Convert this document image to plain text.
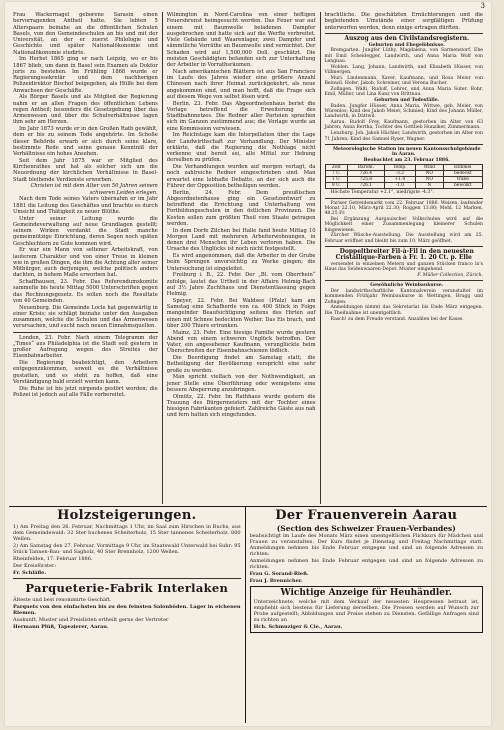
3

Frau Wackernagel geborene Sarasin einen hervorragenden Antheil hatte. Sie lebten 5 Alterspaare beinahe an die öffentlichen Schulen Basels, von den Gemeindeschulen an bis und mit der Universität, an der er zuerst Philologie und Geschichte und später Nationalökonomie und Nationalökonomie studirte.

Im Herbst 1865 ging er nach Leipzig, wo er bis 1867 blieb, um dann in Basel sein Examen als Doktor juris zu bestehen. Im Frühling 1868 wurde er Regierungssekretär und dem nachherigen Polizeidirektor Bischof beigegeben, als Hülfe bei dem Anwachsen der Geschäfte.

Als Bürger Basels und als Mitglied der Regierung nahm er an allen Fragen des öffentlichen Lebens regen Antheil; besonders die Gesetzgebung über das Armenwesen und über die Schulverhältnisse lagen ihm sehr am Herzen.

Im Jahr 1873 wurde er in den Großen Rath gewählt, dem er bis zu seinem Tode angehörte. Im Schoße dieser Behörde erwarb er sich durch seine klare, bestimmte Rede und seine genaue Kenntniß der Verhältnisse ein hohes Ansehen.

Seit dem Jahr 1875 war er Mitglied des Kirchenrathes und hat als solcher sich um die Neuordnung der kirchlichen Verhältnisse in Basel-Stadt bleibende Verdienste erworben.

Christen ist mit dem Alter von 50 Jahren seinem schweren Leiden erlegen.

Nach dem Tode seines Vaters übernahm er im Jahr 1881 die Leitung des Geschäftes und brachte es durch Umsicht und Thätigkeit zu neuer Blüthe.

Unter seiner Leitung wurde die Gemeindeverwaltung auf neue Grundlagen gestellt; seinem Wirken verdankt die Stadt manche gemeinnützige Einrichtung, deren Segen noch späten Geschlechtern zu Gute kommen wird.

Er war ein Mann von seltener Arbeitskraft, von lauterem Charakter und von einer Treue in kleinen wie in großen Dingen, die ihm die Achtung aller seiner Mitbürger, auch derjenigen, welche politisch anders dachten, in hohem Maße erworben hat.

Schaffhausen, 23. Febr. Das Referendumskomite sammelte bis heute Mittag 5000 Unterschriften gegen das Rechnungsgesetz. Es sollen noch die Resultate von 40 Gemeinden.

Neuenburg. Die Gemeinde Locle hat gegenwärtig in einer Krisis; sie schlägt beinahe unter den Ausgaben zusammen, welche die Schulen und das Armenwesen verursachen, und sucht nach neuen Einnahmsquellen.

London, 23. Febr. Nach einem Telegramm der „Times“ aus Philadelphia ist die Stadt seit gestern in großer Aufregung wegen des Streites der Eisenbahnarbeiter.

Die Regierung beabsichtigt, den Arbeitern entgegenzukommen, soweit es die Verhältnisse gestatten, und es steht zu hoffen, daß eine Verständigung bald erzielt werden kann.

Die Ruhe ist bis jetzt nirgends gestört worden; die Polizei ist jedoch auf alle Fälle vorbereitet.

Wilmington in Nord-Carolina von einer heftigen Feuersbrunst heimgesucht worden. Das Feuer war auf einem mit Baumwolle beladenen Dampfer ausgebrochen und hatte sich auf die Werfte verbreitet. Viele Gebäude und Waarenlager, zwei Dampfer und sämmtliche Vorräthe an Baumwolle sind vernichtet. Der Schaden wird auf 1,500,000 Doll. geschätzt. Die meisten Geschädigten befanden sich zur Unterhaltung der Arbeiter in Vorrathsräumen.

Nach amerikanischen Blättern ist aus San Francisco im Laufe des Jahres wieder eine größere Anzahl Chinesen nach ihrer Heimat zurückgekehrt, als neue angekommen sind, und man hofft, daß die Frage sich auf diesem Wege von selbst lösen wird.

Berlin, 23. Febr. Das Abgeordnetenhaus beriet die Vorlage betreffend die Erweiterung des Stadtbahnnetzes. Die Redner aller Parteien sprachen sich im Ganzen zustimmend aus; die Vorlage wurde an eine Kommission verwiesen.

Im Reichstage kam die Interpellation über die Lage der Landwirthschaft zur Verhandlung. Der Minister erklärte, daß die Regierung die Nothlage nicht verkenne und bereit sei, alle Mittel zur Hebung derselben zu prüfen.

Die Verhandlungen wurden auf morgen vertagt, da noch zahlreiche Redner eingeschrieben sind. Man erwartet eine lebhafte Debatte, an der sich auch die Führer der Opposition betheiligen werden.

Berlin, 24. Febr. Dem preußischen Abgeordnetenhause ging ein Gesetzentwurf zu betreffend die Errichtung und Unterhaltung von Fortbildungsschulen in den östlichen Provinzen. Die Kosten sollen zum größten Theil vom Staate getragen werden.

In dem Dorfe Zilchen bei Halle fand heute Mittag 10 Morgen Land mit mehreren Arbeiterwohnungen, in denen drei Menschen ihr Leben verloren haben. Die Ursache des Unglücks ist noch nicht festgestellt.

Es wird angenommen, daß die Arbeiter in der Grube beim Sprengen unvorsichtig zu Werke gingen; die Untersuchung ist eingeleitet.

Freiburg i. B., 22. Febr. Der „Bl. vom Oberrhein“ zufolge, lautet das Urtheil in der Affaire Helmig-Bach auf 3½ Jahre Zuchthaus und Dienstentlassung gegen Helmig.

Speyer, 22. Febr. Bei Waldsee (Pfalz) kam am Samstag eine Schafherde von ca. 400 Stück in Folge mangelnder Beaufsichtigung seitens des Hirten auf einen mit Schnee bedeckten Weiher. Das Eis brach, und über 200 Thiere ertranken.

Mainz, 23. Febr. Eine hiesige Familie wurde gestern Abend von einem schweren Unglück betroffen. Der Vater, ein angesehener Kaufmann, verunglückte beim Überschreiten der Eisenbahnschienen tödlich.

Die Beerdigung findet am Samstag statt; die Betheiligung der Bevölkerung verspricht eine sehr große zu werden.

Man spricht vielfach von der Nothwendigkeit, an jener Stelle eine Überführung oder wenigstens eine bessere Absperrung anzubringen.

Olmütz, 22. Febr. Im Rathhaus wurde gestern die Trauung des Bürgermeisters mit der Tochter eines hiesigen Fabrikanten gefeiert. Zahlreiche Gäste aus nah und fern hatten sich eingefunden.

brachtliche. Die geschätzten Ernüchterungen und die begleitenden Umstände einer sorgfältigen Prüfung unterworfen werden, denn einige ertragen dürften.

Auszug aus den Civilstandsregistern.

Geburten und Ehegelöbnisse.

Bremgarten. Jungfer Lüthy, Magdalena, von Sarmenstorf, Ehe mit Emil Scheidegger, Landwirth, und Anna Maria Wolf von Lengnau.

Wohlen. Lang, Johann, Landwirth, und Elisabeth Hüsser, von Villmergen.

Muri. Lindenmann, Xaver, Kaufmann, und Rosa Meier von Beinwil. Hofer, Jakob, Schreiner, und Verena Bucher.

Zofingen. Wälti, Rudolf, Lehrer, und Anna Maria Suter. Rohr, Emil, Müller, und Lina Kunz von Brittnau.

Geburten und Todesfälle.

Baden. Jungfer Hüsser, Anna Maria, Wittwe, geb. Meier, von Würenlos; Kind des Jakob Meier, Schmied; Kind des Johann Müller, Landwirth, in Dättwil.

Aarau. Rudolf Frey, Kaufmann, gestorben im Alter von 63 Jahren; Anna Bertha, Tochter des Gottlieb Hunziker, Zimmermann.

Lenzburg. Joh. Jakob Hächler, Landwirth, gestorben im Alter von 71 Jahren; Kind des Samuel Ryser, Wagner.

Meteorologische Station im neuen Kantonsschulgebäude in Aarau.

Beobachtet am 23. Februar 1886.

Zeit	Barom.	Temp.	Wind	Himmel
7 U.	726.4	-3.2	NO	bedeckt
1 U.	725.8	+1.4	NO	trübe
9 U.	726.1	-1.0	N	bewölkt

Höchste Temperatur +2.1°, niedrigste -4.3°.

Pariser Getreidemarkt vom 22. Februar 1886. Weizen, laufender Monat 22.10, März-April 22.30; Roggen 13.80; Mehl, 12 Marken, 48.25 Fr.

Bei Ergänzung Aargauischer Volkschulen wird auf die Möglichkeit einer Zusammenlegung kleinerer Schulen hingewiesen.

Zürcher Wäsche-Ausstellung. Die Ausstellung wird am 25. Februar eröffnet und bleibt bis zum 10. März geöffnet.

Doppeltbreiter Fil-à-Fil in den neuesten Cristallique-Farben à Fr. 1. 20 Ct. p. Elle

versendet in einzelnen Metern und ganzen Stücken franco in's Haus das Seidenwaaren-Depot. Muster umgehend.

F. Müller-Collection, Zürich.

Gewöhnliche Weinbaukurse.

Der landwirthschaftliche Kantonalverein veranstaltet im kommenden Frühjahr Weinbaukurse in Wettingen, Brugg und Zofingen.

Anmeldungen nimmt das Sekretariat bis Ende März entgegen. Die Theilnahme ist unentgeltlich.

Rasch! zu dem Freude verstand. Anzahlen bei der Kasse.

Holzsteigerungen.

1) Am Freitag den 26. Februar, Nachmittags 1 Uhr, im Saal zum Hirschen in Buchs, aus dem Gemeindewald: 32 Ster buchenes Scheiterholz, 15 Ster tannenes Scheiterholz, 800 Wellen.

2) Am Samstag den 27. Februar, Vormittags 9 Uhr, im Staatswald Unterwald bei Suhr: 95 Stück Tannen-Bau- und Sagholz, 40 Ster Brennholz, 1200 Wellen.

Rheinfelden, 17. Februar 1886.

Der Kreisförster:

Fr. Schläfle.

Parqueterie-Fabrik Interlaken

Älteste und best renommirte Geschäft.

Parquets von den einfachsten bis zu den feinsten Salonböden. Lager in eichenen Riemen.

Auskunft, Muster und Preislisten ertheilt gerne der Vertreter

Hermann Plüß, Tapezierer, Aarau.

Der Frauenverein Aarau
(Section des Schweizer Frauen-Verbandes)

beabsichtigt im Laufe des Monats März einen unentgeltlichen Flickkurs für Mädchen und Frauen zu veranstalten. Der Kurs findet je Dienstag und Freitag Nachmittags statt. Anmeldungen nehmen bis Ende Februar entgegen und sind an folgende Adressen zu richten:

Anmeldungen nehmen bis Ende Februar entgegen und sind an folgende Adressen zu richten.

Frau G. Sorand-Rieß.

Frau J. Brennicher.

Wichtige Anzeige für Heuhändler.

Unterzeichnete, welche mit dem Verkauf der neuesten Heupressen betraut ist, empfiehlt sich bestens für Lieferung derselben. Die Pressen werden auf Wunsch zur Probe aufgestellt; Abbildungen und Preise stehen zu Diensten. Gefällige Anfragen sind zu richten an

Hch. Schmuziger & Cie., Aarau.
